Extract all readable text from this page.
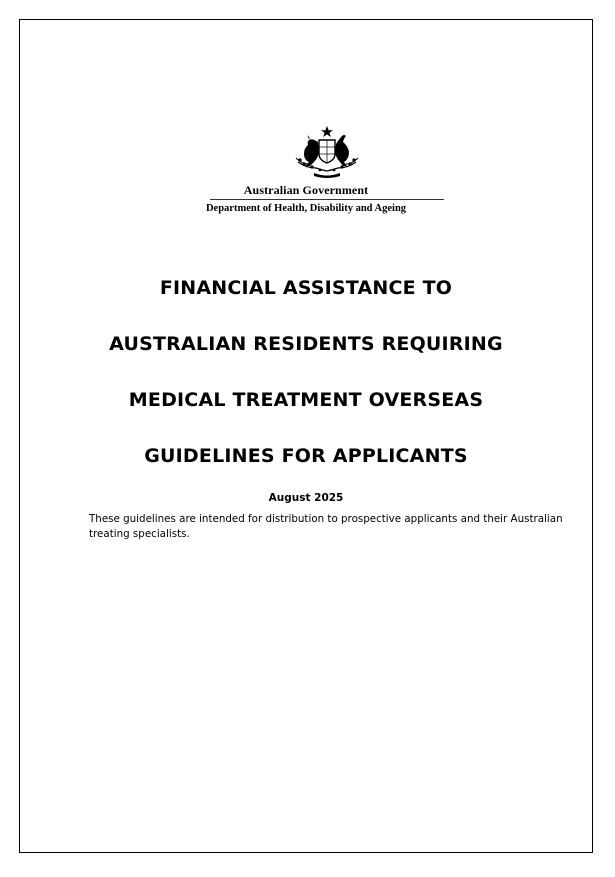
Australian Government
Department of Health, Disability and Ageing
FINANCIAL ASSISTANCE TO
AUSTRALIAN RESIDENTS REQUIRING
MEDICAL TREATMENT OVERSEAS
GUIDELINES FOR APPLICANTS
August 2025
These guidelines are intended for distribution to prospective applicants and their Australian treating specialists.
